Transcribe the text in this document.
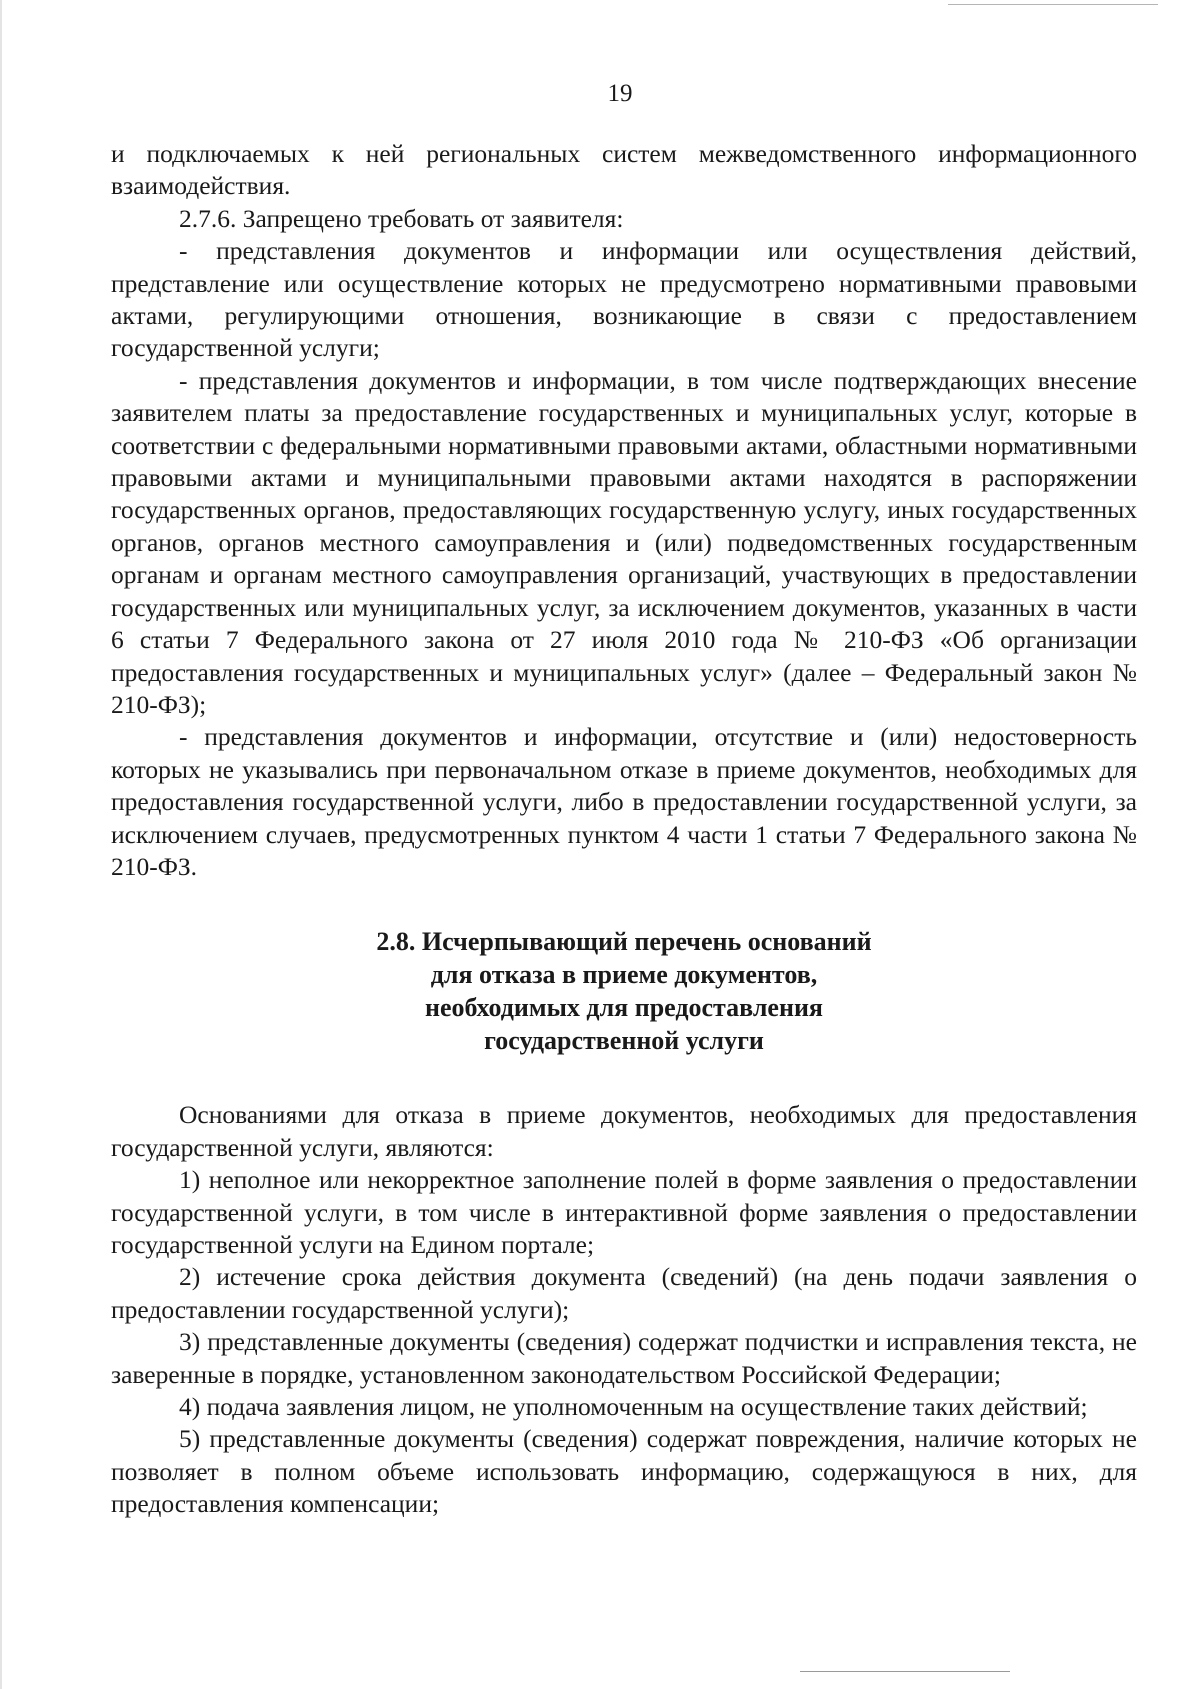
19

и подключаемых к ней региональных систем межведомственного информационного взаимодействия.

2.7.6. Запрещено требовать от заявителя:

- представления документов и информации или осуществления действий, представление или осуществление которых не предусмотрено нормативными правовыми актами, регулирующими отношения, возникающие в связи с предоставлением государственной услуги;

- представления документов и информации, в том числе подтверждающих внесение заявителем платы за предоставление государственных и муниципальных услуг, которые в соответствии с федеральными нормативными правовыми актами, областными нормативными правовыми актами и муниципальными правовыми актами находятся в распоряжении государственных органов, предоставляющих государственную услугу, иных государственных органов, органов местного самоуправления и (или) подведомственных государственным органам и органам местного самоуправления организаций, участвующих в предоставлении государственных или муниципальных услуг, за исключением документов, указанных в части 6 статьи 7 Федерального закона от 27 июля 2010 года № 210-ФЗ «Об организации предоставления государственных и муниципальных услуг» (далее – Федеральный закон № 210-ФЗ);

- представления документов и информации, отсутствие и (или) недостоверность которых не указывались при первоначальном отказе в приеме документов, необходимых для предоставления государственной услуги, либо в предоставлении государственной услуги, за исключением случаев, предусмотренных пунктом 4 части 1 статьи 7 Федерального закона № 210-ФЗ.

2.8. Исчерпывающий перечень оснований
для отказа в приеме документов,
необходимых для предоставления
государственной услуги

Основаниями для отказа в приеме документов, необходимых для предоставления государственной услуги, являются:

1) неполное или некорректное заполнение полей в форме заявления о предоставлении государственной услуги, в том числе в интерактивной форме заявления о предоставлении государственной услуги на Едином портале;

2) истечение срока действия документа (сведений) (на день подачи заявления о предоставлении государственной услуги);

3) представленные документы (сведения) содержат подчистки и исправления текста, не заверенные в порядке, установленном законодательством Российской Федерации;

4) подача заявления лицом, не уполномоченным на осуществление таких действий;

5) представленные документы (сведения) содержат повреждения, наличие которых не позволяет в полном объеме использовать информацию, содержащуюся в них, для предоставления компенсации;
